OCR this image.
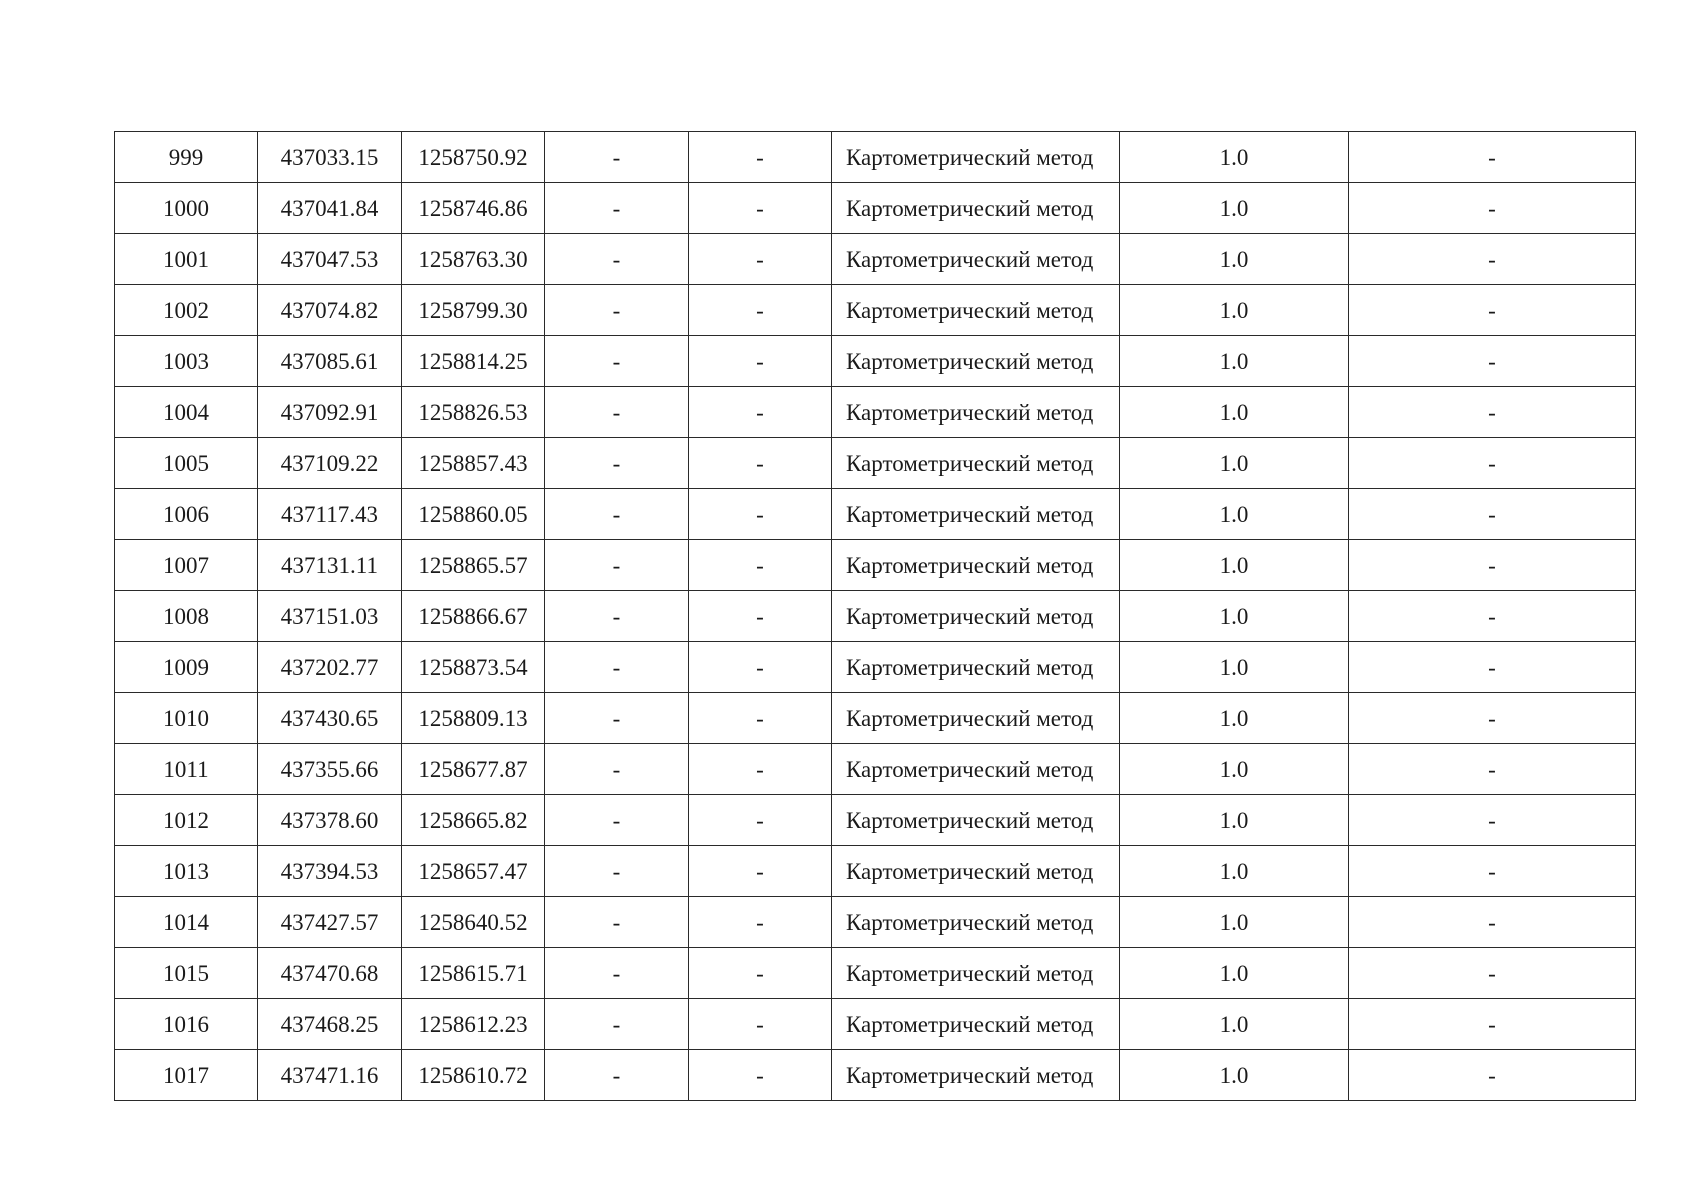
999	437033.15	1258750.92	-	-	Картометрический метод	1.0	-
1000	437041.84	1258746.86	-	-	Картометрический метод	1.0	-
1001	437047.53	1258763.30	-	-	Картометрический метод	1.0	-
1002	437074.82	1258799.30	-	-	Картометрический метод	1.0	-
1003	437085.61	1258814.25	-	-	Картометрический метод	1.0	-
1004	437092.91	1258826.53	-	-	Картометрический метод	1.0	-
1005	437109.22	1258857.43	-	-	Картометрический метод	1.0	-
1006	437117.43	1258860.05	-	-	Картометрический метод	1.0	-
1007	437131.11	1258865.57	-	-	Картометрический метод	1.0	-
1008	437151.03	1258866.67	-	-	Картометрический метод	1.0	-
1009	437202.77	1258873.54	-	-	Картометрический метод	1.0	-
1010	437430.65	1258809.13	-	-	Картометрический метод	1.0	-
1011	437355.66	1258677.87	-	-	Картометрический метод	1.0	-
1012	437378.60	1258665.82	-	-	Картометрический метод	1.0	-
1013	437394.53	1258657.47	-	-	Картометрический метод	1.0	-
1014	437427.57	1258640.52	-	-	Картометрический метод	1.0	-
1015	437470.68	1258615.71	-	-	Картометрический метод	1.0	-
1016	437468.25	1258612.23	-	-	Картометрический метод	1.0	-
1017	437471.16	1258610.72	-	-	Картометрический метод	1.0	-
